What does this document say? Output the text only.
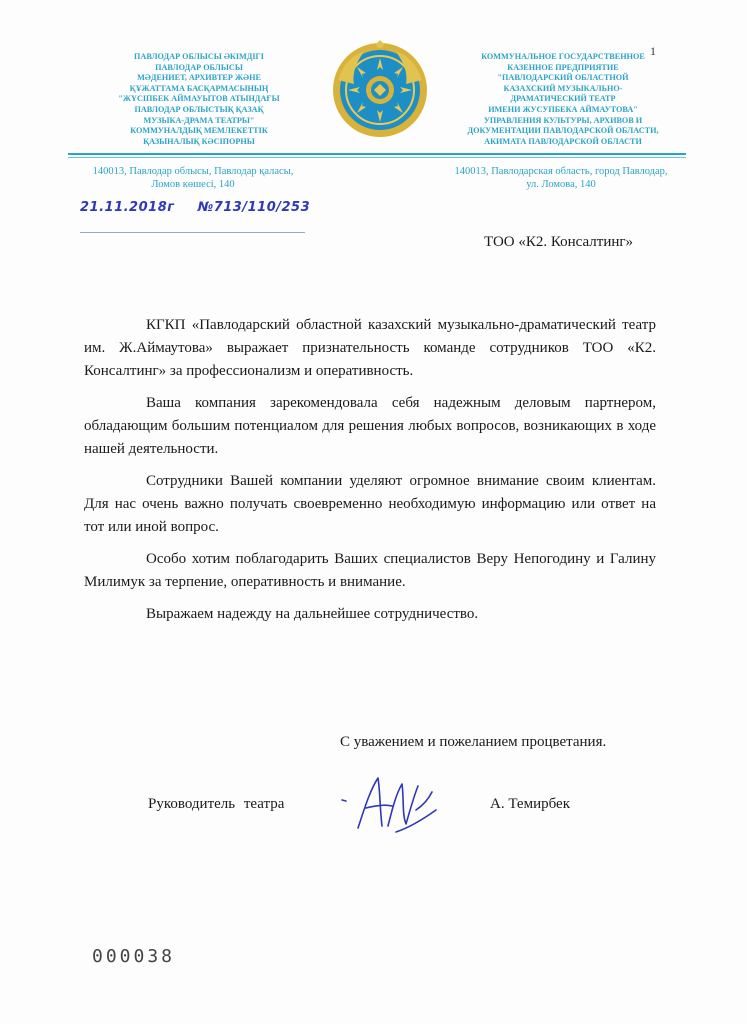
1
ПАВЛОДАР ОБЛЫСЫ ӘКІМДІГІ
ПАВЛОДАР ОБЛЫСЫ
МӘДЕНИЕТ, АРХИВТЕР ЖӘНЕ
ҚҰЖАТТАМА БАСҚАРМАСЫНЫҢ
"ЖҮСІПБЕК АЙМАУЫТОВ АТЫНДАҒЫ
ПАВЛОДАР ОБЛЫСТЫҚ ҚАЗАҚ
МУЗЫКА-ДРАМА ТЕАТРЫ"
КОММУНАЛДЫҚ МЕМЛЕКЕТТІК
ҚАЗЫНАЛЫҚ КӘСІПОРНЫ
КОММУНАЛЬНОЕ ГОСУДАРСТВЕННОЕ
КАЗЕННОЕ ПРЕДПРИЯТИЕ
"ПАВЛОДАРСКИЙ ОБЛАСТНОЙ
КАЗАХСКИЙ МУЗЫКАЛЬНО-
ДРАМАТИЧЕСКИЙ ТЕАТР
ИМЕНИ ЖУСУПБЕКА АЙМАУТОВА"
УПРАВЛЕНИЯ КУЛЬТУРЫ, АРХИВОВ И
ДОКУМЕНТАЦИИ ПАВЛОДАРСКОЙ ОБЛАСТИ,
АКИМАТА ПАВЛОДАРСКОЙ ОБЛАСТИ
140013, Павлодар облысы, Павлодар қаласы,
Ломов көшесі, 140
140013, Павлодарская область, город Павлодар,
ул. Ломова, 140
21.11.2018г №713/110/253
ТОО «К2. Консалтинг»

КГКП «Павлодарский областной казахский музыкально-драматический театр им. Ж.Аймаутова» выражает признательность команде сотрудников ТОО «К2. Консалтинг» за профессионализм и оперативность.

Ваша компания зарекомендовала себя надежным деловым партнером, обладающим большим потенциалом для решения любых вопросов, возникающих в ходе нашей деятельности.

Сотрудники Вашей компании уделяют огромное внимание своим клиентам. Для нас очень важно получать своевременно необходимую информацию или ответ на тот или иной вопрос.

Особо хотим поблагодарить Ваших специалистов Веру Непогодину и Галину Милимук за терпение, оперативность и внимание.

Выражаем надежду на дальнейшее сотрудничество.

С уважением и пожеланием процветания.
Руководитель театра	А. Темирбек
000038
